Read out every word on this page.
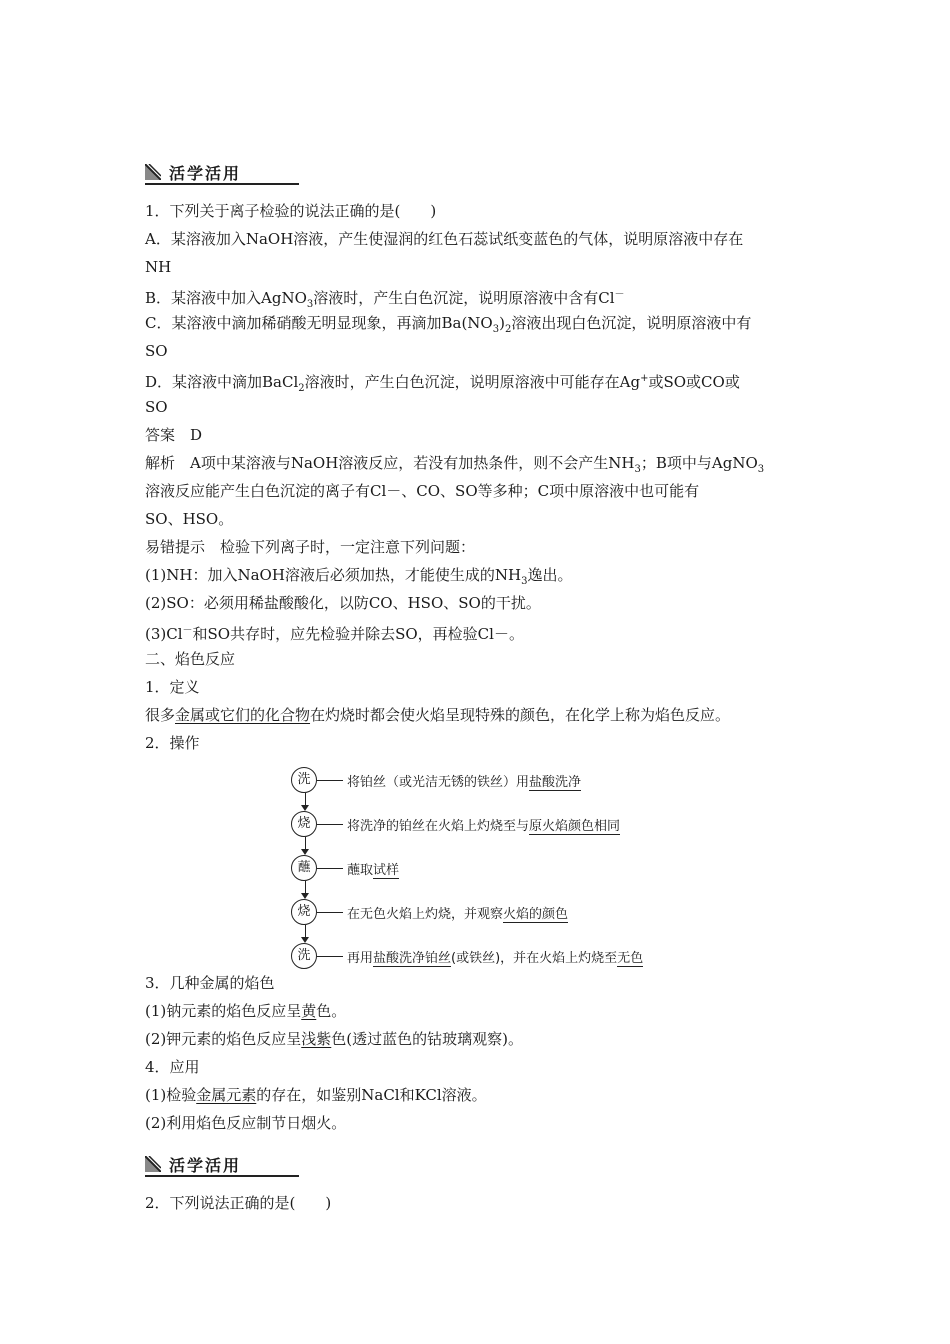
活学活用
1．下列关于离子检验的说法正确的是(　　)
A．某溶液加入NaOH溶液，产生使湿润的红色石蕊试纸变蓝色的气体，说明原溶液中存在
NH
B．某溶液中加入AgNO$_3$溶液时，产生白色沉淀，说明原溶液中含有Cl－
C．某溶液中滴加稀硝酸无明显现象，再滴加$Ba(NO_3)_2$溶液出现白色沉淀，说明原溶液中有
SO
D．某溶液中滴加BaCl$_2$溶液时，产生白色沉淀，说明原溶液中可能存在Ag+或SO或CO或
SO
答案　D
解析　A项中某溶液与NaOH溶液反应，若没有加热条件，则不会产生$NH_3$；B项中与AgNO$_3$
溶液反应能产生白色沉淀的离子有Cl－、CO、SO等多种；C项中原溶液中也可能有
SO、HSO。
易错提示　检验下列离子时，一定注意下列问题：
(1)NH：加入NaOH溶液后必须加热，才能使生成的$NH_3$逸出。
(2)SO：必须用稀盐酸酸化，以防CO、HSO、SO的干扰。
(3)Cl－和SO共存时，应先检验并除去SO，再检验Cl－。
二、焰色反应
1．定义
很多金属或它们的化合物在灼烧时都会使火焰呈现特殊的颜色，在化学上称为焰色反应。
2．操作
洗	将铂丝（或光洁无锈的铁丝）用盐酸洗净
烧	将洗净的铂丝在火焰上灼烧至与原火焰颜色相同
蘸	蘸取试样
烧	在无色火焰上灼烧，并观察火焰的颜色
洗	再用盐酸洗净铂丝(或铁丝)，并在火焰上灼烧至无色
3．几种金属的焰色
(1)钠元素的焰色反应呈黄色。
(2)钾元素的焰色反应呈浅紫色(透过蓝色的钴玻璃观察)。
4．应用
(1)检验金属元素的存在，如鉴别NaCl和KCl溶液。
(2)利用焰色反应制节日烟火。
活学活用
2．下列说法正确的是(　　)
